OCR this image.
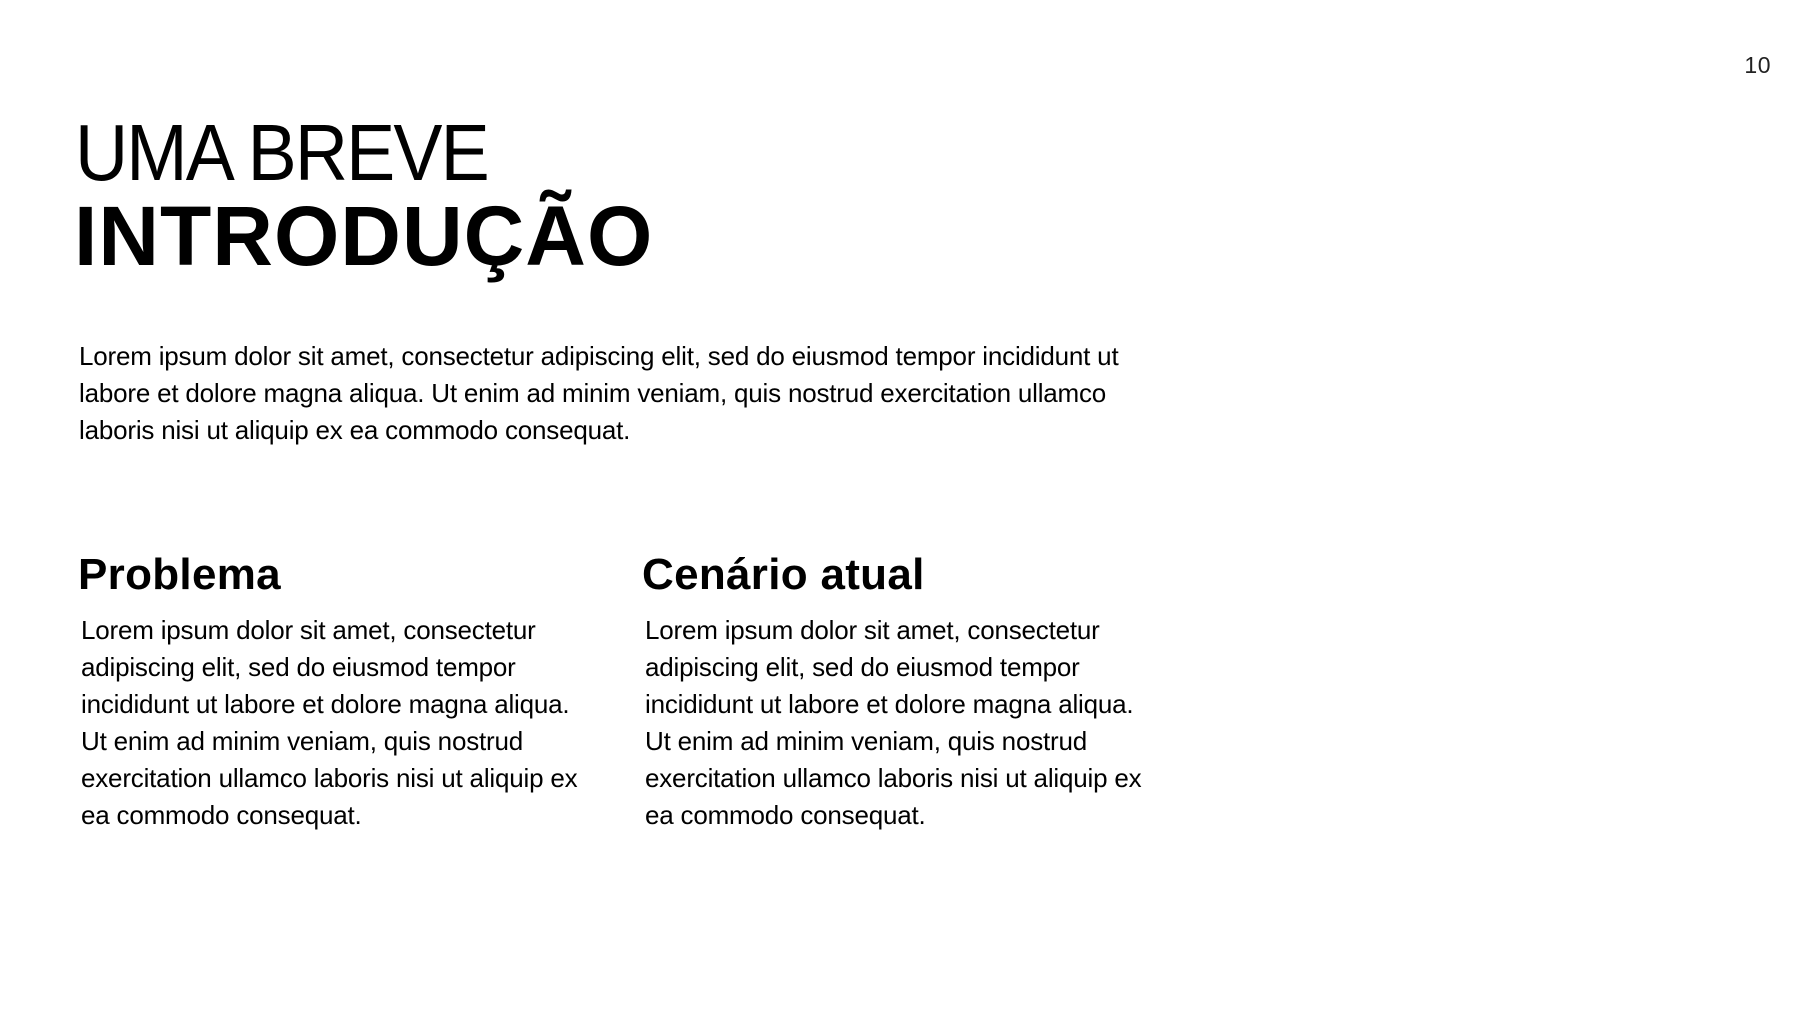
10
UMA BREVE
INTRODUÇÃO

Lorem ipsum dolor sit amet, consectetur adipiscing elit, sed do eiusmod tempor incididunt ut labore et dolore magna aliqua. Ut enim ad minim veniam, quis nostrud exercitation ullamco laboris nisi ut aliquip ex ea commodo consequat.

Problema

Lorem ipsum dolor sit amet, consectetur adipiscing elit, sed do eiusmod tempor incididunt ut labore et dolore magna aliqua. Ut enim ad minim veniam, quis nostrud exercitation ullamco laboris nisi ut aliquip ex ea commodo consequat.

Cenário atual

Lorem ipsum dolor sit amet, consectetur adipiscing elit, sed do eiusmod tempor incididunt ut labore et dolore magna aliqua. Ut enim ad minim veniam, quis nostrud exercitation ullamco laboris nisi ut aliquip ex ea commodo consequat.
